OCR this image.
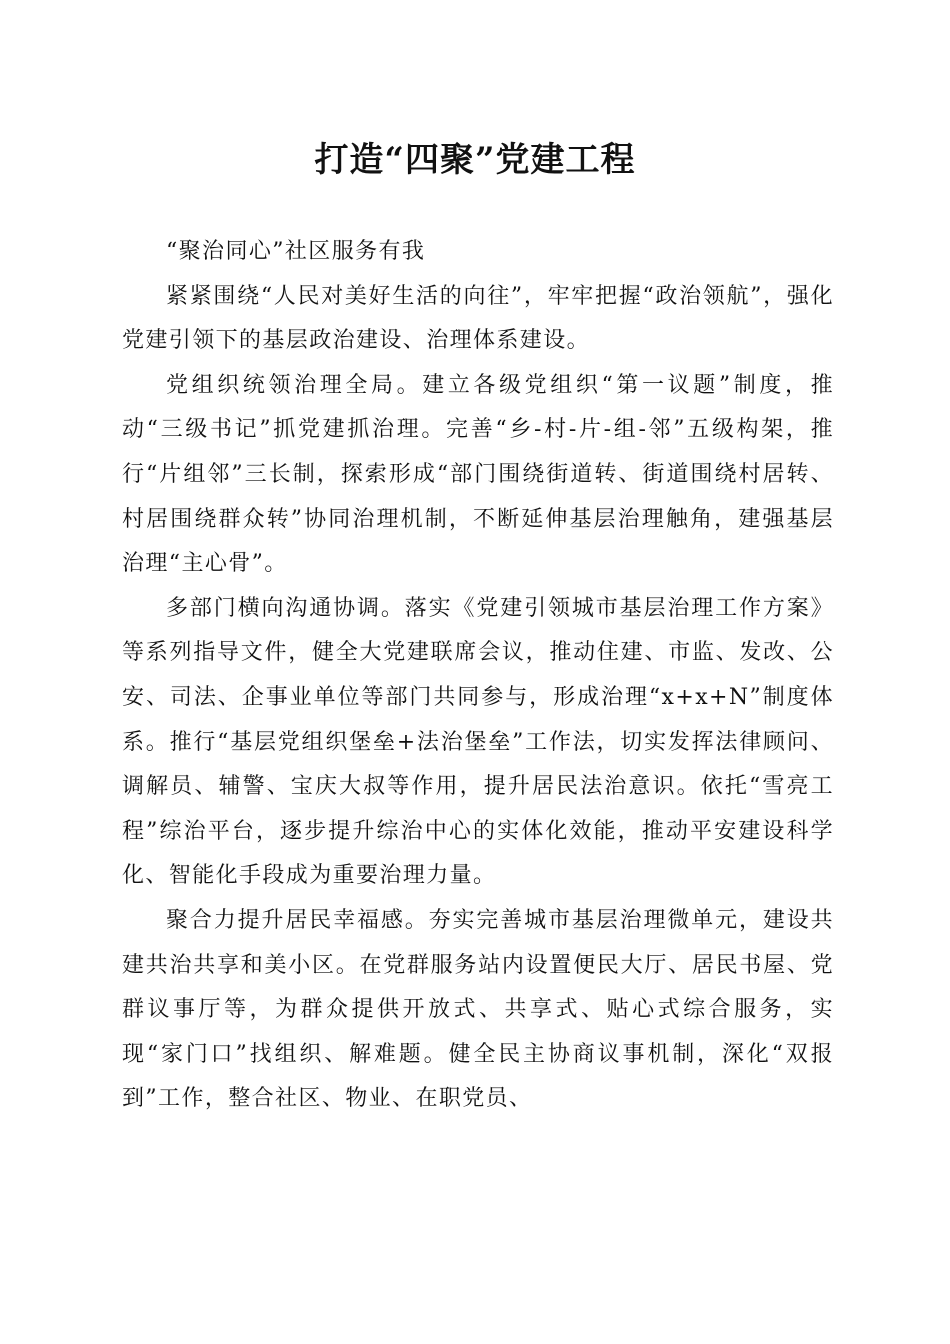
打造“四聚”党建工程

“聚治同心”社区服务有我

紧紧围绕“人民对美好生活的向往”，牢牢把握“政治领航”，强化党建引领下的基层政治建设、治理体系建设。

党组织统领治理全局。建立各级党组织“第一议题”制度，推动“三级书记”抓党建抓治理。完善“乡-村-片-组-邻”五级构架，推行“片组邻”三长制，探索形成“部门围绕街道转、街道围绕村居转、村居围绕群众转”协同治理机制，不断延伸基层治理触角，建强基层治理“主心骨”。

多部门横向沟通协调。落实《党建引领城市基层治理工作方案》等系列指导文件，健全大党建联席会议，推动住建、市监、发改、公安、司法、企事业单位等部门共同参与，形成治理“x+x+N”制度体系。推行“基层党组织堡垒+法治堡垒”工作法，切实发挥法律顾问、调解员、辅警、宝庆大叔等作用，提升居民法治意识。依托“雪亮工程”综治平台，逐步提升综治中心的实体化效能，推动平安建设科学化、智能化手段成为重要治理力量。

聚合力提升居民幸福感。夯实完善城市基层治理微单元，建设共建共治共享和美小区。在党群服务站内设置便民大厅、居民书屋、党群议事厅等，为群众提供开放式、共享式、贴心式综合服务，实现“家门口”找组织、解难题。健全民主协商议事机制，深化“双报到”工作，整合社区、物业、在职党员、
